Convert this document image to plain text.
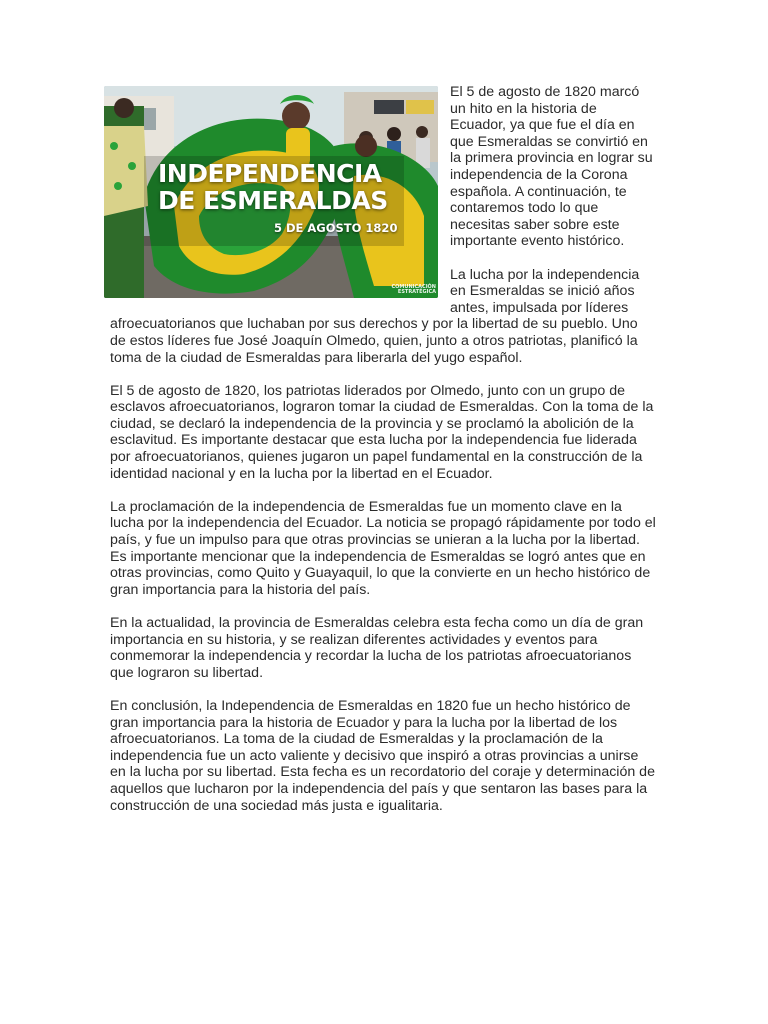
INDEPENDENCIA
DE ESMERALDAS
5 DE AGOSTO 1820
COMUNICACIÓN
ESTRATÉGICA

El 5 de agosto de 1820 marcó un hito en la historia de Ecuador, ya que fue el día en que Esmeraldas se convirtió en la primera provincia en lograr su independencia de la Corona española. A continuación, te contaremos todo lo que necesitas saber sobre este importante evento histórico.

La lucha por la independencia en Esmeraldas se inició años antes, impulsada por líderes afroecuatorianos que luchaban por sus derechos y por la libertad de su pueblo. Uno de estos líderes fue José Joaquín Olmedo, quien, junto a otros patriotas, planificó la toma de la ciudad de Esmeraldas para liberarla del yugo español.

El 5 de agosto de 1820, los patriotas liderados por Olmedo, junto con un grupo de esclavos afroecuatorianos, lograron tomar la ciudad de Esmeraldas. Con la toma de la ciudad, se declaró la independencia de la provincia y se proclamó la abolición de la esclavitud. Es importante destacar que esta lucha por la independencia fue liderada por afroecuatorianos, quienes jugaron un papel fundamental en la construcción de la identidad nacional y en la lucha por la libertad en el Ecuador.

La proclamación de la independencia de Esmeraldas fue un momento clave en la lucha por la independencia del Ecuador. La noticia se propagó rápidamente por todo el país, y fue un impulso para que otras provincias se unieran a la lucha por la libertad. Es importante mencionar que la independencia de Esmeraldas se logró antes que en otras provincias, como Quito y Guayaquil, lo que la convierte en un hecho histórico de gran importancia para la historia del país.

En la actualidad, la provincia de Esmeraldas celebra esta fecha como un día de gran importancia en su historia, y se realizan diferentes actividades y eventos para conmemorar la independencia y recordar la lucha de los patriotas afroecuatorianos que lograron su libertad.

En conclusión, la Independencia de Esmeraldas en 1820 fue un hecho histórico de gran importancia para la historia de Ecuador y para la lucha por la libertad de los afroecuatorianos. La toma de la ciudad de Esmeraldas y la proclamación de la independencia fue un acto valiente y decisivo que inspiró a otras provincias a unirse en la lucha por su libertad. Esta fecha es un recordatorio del coraje y determinación de aquellos que lucharon por la independencia del país y que sentaron las bases para la construcción de una sociedad más justa e igualitaria.
